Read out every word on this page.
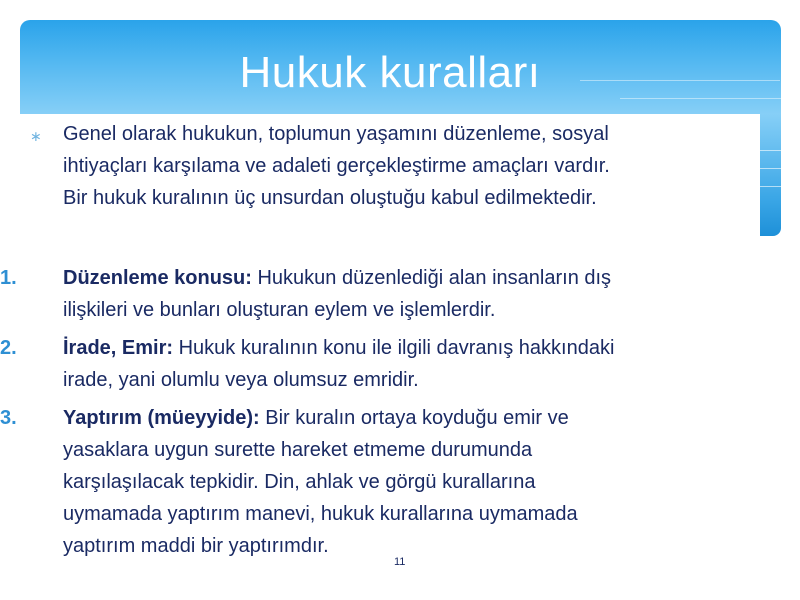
Hukuk kuralları
∗ Genel olarak hukukun, toplumun yaşamını düzenleme, sosyal
ihtiyaçları karşılama ve adaleti gerçekleştirme amaçları vardır.
Bir hukuk kuralının üç unsurdan oluştuğu kabul edilmektedir.
1. Düzenleme konusu: Hukukun düzenlediği alan insanların dış
ilişkileri ve bunları oluşturan eylem ve işlemlerdir.
2. İrade, Emir: Hukuk kuralının konu ile ilgili davranış hakkındaki
irade, yani olumlu veya olumsuz emridir.
3. Yaptırım (müeyyide): Bir kuralın ortaya koyduğu emir ve
yasaklara uygun surette hareket etmeme durumunda
karşılaşılacak tepkidir. Din, ahlak ve görgü kurallarına
uymamada yaptırım manevi, hukuk kurallarına uymamada
yaptırım maddi bir yaptırımdır.
11
